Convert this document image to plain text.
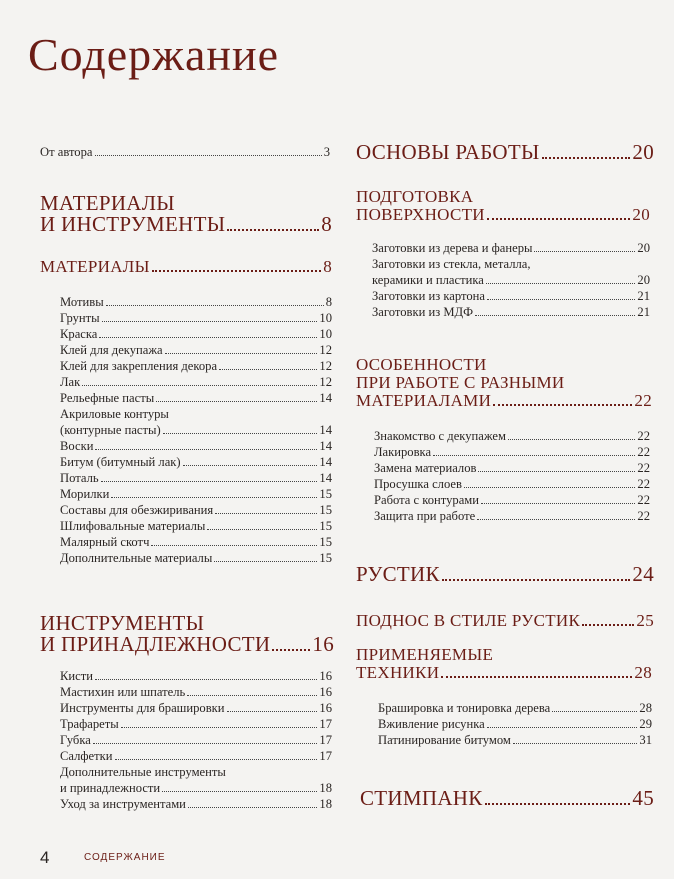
Содержание
От автора	3
МАТЕРИАЛЫ
И ИНСТРУМЕНТЫ	8
МАТЕРИАЛЫ	8
Мотивы	8
Грунты	10
Краска	10
Клей для декупажа	12
Клей для закрепления декора	12
Лак	12
Рельефные пасты	14
Акриловые контуры
(контурные пасты)	14
Воски	14
Битум (битумный лак)	14
Поталь	14
Морилки	15
Составы для обезжиривания	15
Шлифовальные материалы	15
Малярный скотч	15
Дополнительные материалы	15
ИНСТРУМЕНТЫ
И ПРИНАДЛЕЖНОСТИ 16
Кисти	16
Мастихин или шпатель	16
Инструменты для брашировки	16
Трафареты	17
Губка	17
Салфетки	17
Дополнительные инструменты
и принадлежности	18
Уход за инструментами	18
ОСНОВЫ РАБОТЫ	20
ПОДГОТОВКА
ПОВЕРХНОСТИ	20
Заготовки из дерева и фанеры	20
Заготовки из стекла, металла,
керамики и пластика	20
Заготовки из картона	21
Заготовки из МДФ	21
ОСОБЕННОСТИ
ПРИ РАБОТЕ С РАЗНЫМИ
МАТЕРИАЛАМИ	22
Знакомство с декупажем	22
Лакировка	22
Замена материалов	22
Просушка слоев	22
Работа с контурами	22
Защита при работе	22
РУСТИК	24
ПОДНОС В СТИЛЕ РУСТИК	25
ПРИМЕНЯЕМЫЕ
ТЕХНИКИ	28
Брашировка и тонировка дерева	28
Вживление рисунка	29
Патинирование битумом	31
СТИМПАНК	45
4	СОДЕРЖАНИЕ
